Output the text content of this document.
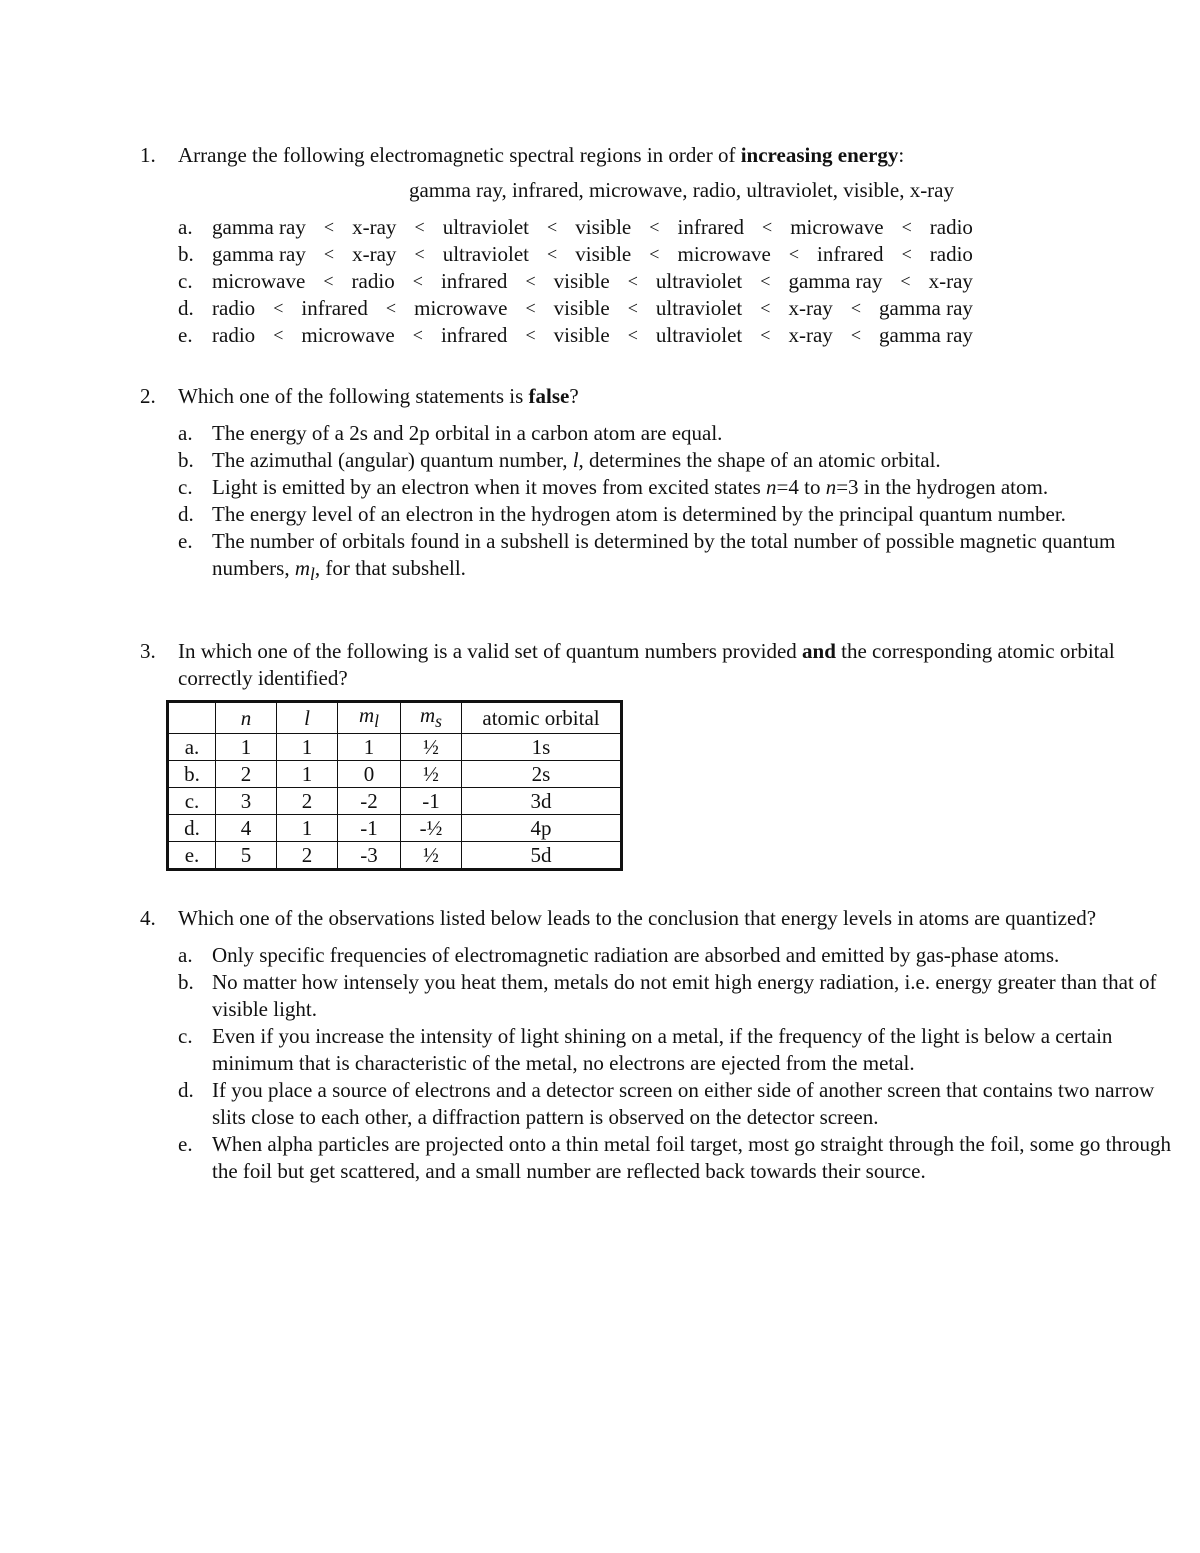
1. Arrange the following electromagnetic spectral regions in order of increasing energy:
gamma ray, infrared, microwave, radio, ultraviolet, visible, x-ray
a. gamma ray < x-ray < ultraviolet < visible < infrared < microwave < radio
b. gamma ray < x-ray < ultraviolet < visible < microwave < infrared < radio
c. microwave < radio < infrared < visible < ultraviolet < gamma ray < x-ray
d. radio < infrared < microwave < visible < ultraviolet < x-ray < gamma ray
e. radio < microwave < infrared < visible < ultraviolet < x-ray < gamma ray
2. Which one of the following statements is false?
a. The energy of a 2s and 2p orbital in a carbon atom are equal.
b. The azimuthal (angular) quantum number, l, determines the shape of an atomic orbital.
c. Light is emitted by an electron when it moves from excited states n=4 to n=3 in the hydrogen atom.
d. The energy level of an electron in the hydrogen atom is determined by the principal quantum number.
e. The number of orbitals found in a subshell is determined by the total number of possible magnetic quantum numbers, $m_l$, for that subshell.
3. In which one of the following is a valid set of quantum numbers provided and the corresponding atomic orbital correctly identified?
	n	l	$m_l$	$m_s$	atomic orbital
a.	1	1	1	½	1s
b.	2	1	0	½	2s
c.	3	2	-2	-1	3d
d.	4	1	-1	-½	4p
e.	5	2	-3	½	5d
4. Which one of the observations listed below leads to the conclusion that energy levels in atoms are quantized?
a. Only specific frequencies of electromagnetic radiation are absorbed and emitted by gas-phase atoms.
b. No matter how intensely you heat them, metals do not emit high energy radiation, i.e. energy greater than that of visible light.
c. Even if you increase the intensity of light shining on a metal, if the frequency of the light is below a certain minimum that is characteristic of the metal, no electrons are ejected from the metal.
d. If you place a source of electrons and a detector screen on either side of another screen that contains two narrow slits close to each other, a diffraction pattern is observed on the detector screen.
e. When alpha particles are projected onto a thin metal foil target, most go straight through the foil, some go through the foil but get scattered, and a small number are reflected back towards their source.
